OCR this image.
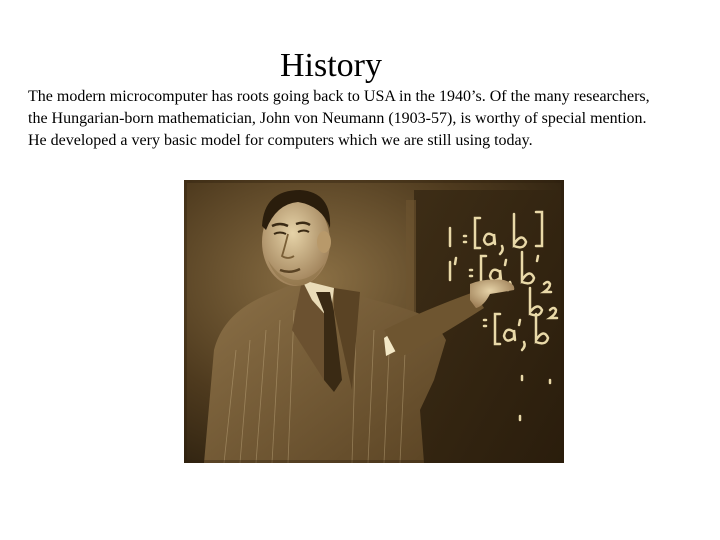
History

The modern microcomputer has roots going back to USA in the 1940’s. Of the many researchers, the Hungarian-born mathematician, John von Neumann (1903-57), is worthy of special mention. He developed a very basic model for computers which we are still using today.
